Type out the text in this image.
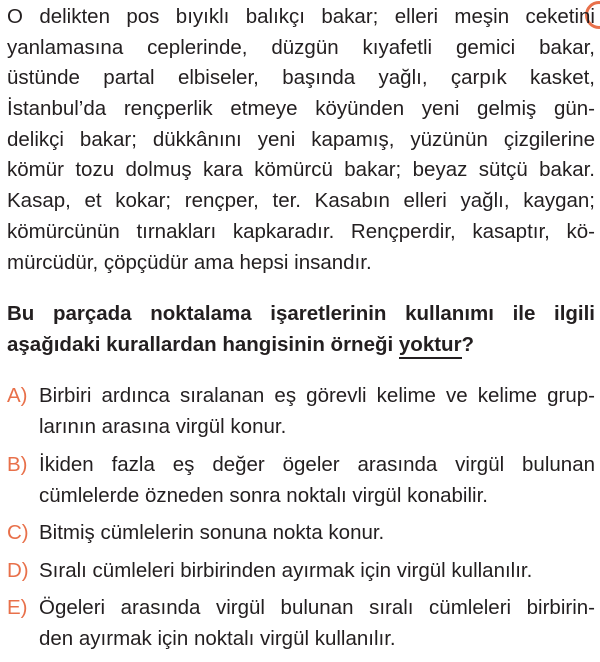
O delikten pos bıyıklı balıkçı bakar; elleri meşin ceketini
yanlamasına ceplerinde, düzgün kıyafetli gemici bakar,
üstünde partal elbiseler, başında yağlı, çarpık kasket,
İstanbul’da rençperlik etmeye köyünden yeni gelmiş gün-
delikçi bakar; dükkânını yeni kapamış, yüzünün çizgilerine
kömür tozu dolmuş kara kömürcü bakar; beyaz sütçü bakar.
Kasap, et kokar; rençper, ter. Kasabın elleri yağlı, kaygan;
kömürcünün tırnakları kapkaradır. Rençperdir, kasaptır, kö-
mürcüdür, çöpçüdür ama hepsi insandır.
Bu parçada noktalama işaretlerinin kullanımı ile ilgili
aşağıdaki kurallardan hangisinin örneği yoktur?
A) Birbiri ardınca sıralanan eş görevli kelime ve kelime grup-
larının arasına virgül konur.
B) İkiden fazla eş değer ögeler arasında virgül bulunan
cümlelerde özneden sonra noktalı virgül konabilir.
C) Bitmiş cümlelerin sonuna nokta konur.
D) Sıralı cümleleri birbirinden ayırmak için virgül kullanılır.
E) Ögeleri arasında virgül bulunan sıralı cümleleri birbirin-
den ayırmak için noktalı virgül kullanılır.
